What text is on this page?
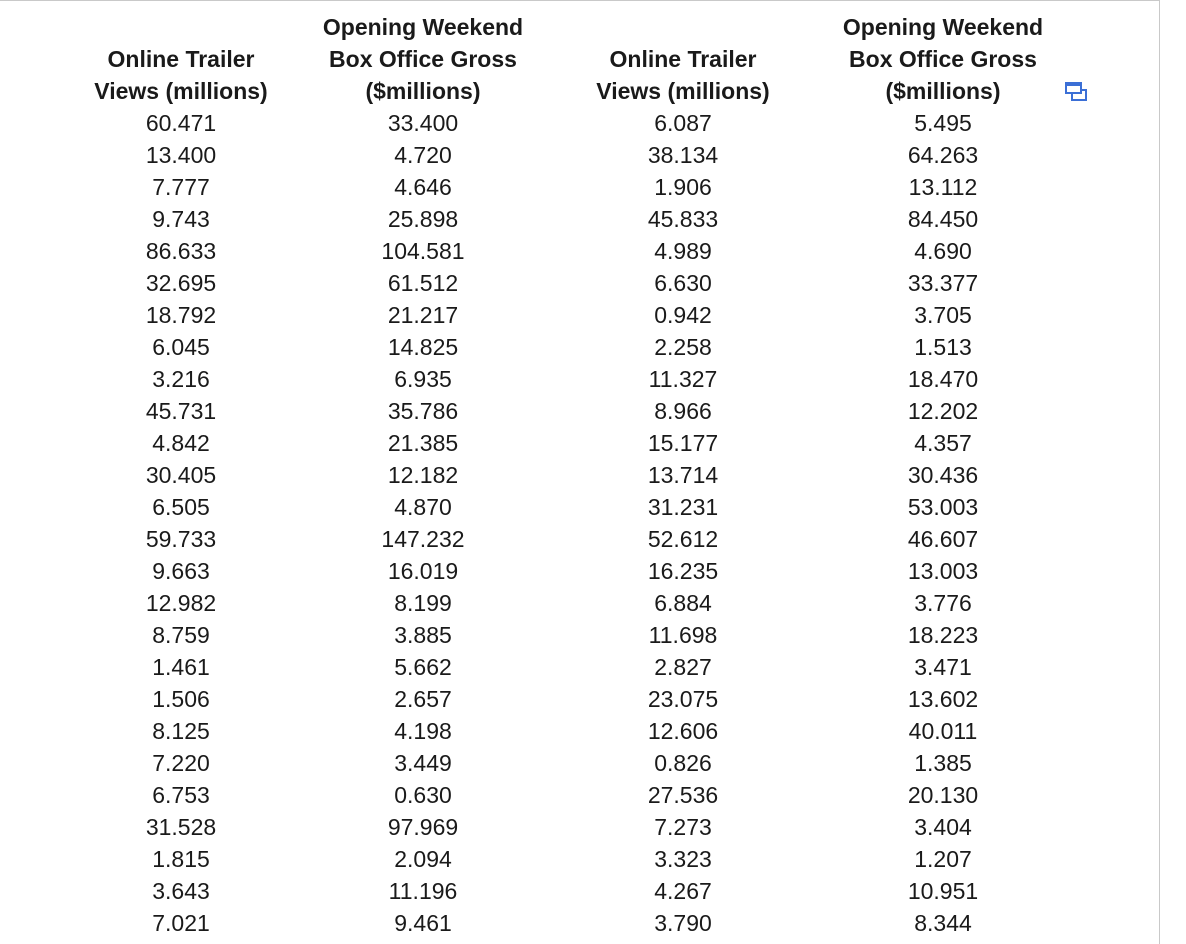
Online Trailer
Views (millions)	Opening Weekend
Box Office Gross
($millions)	Online Trailer
Views (millions)	Opening Weekend
Box Office Gross
($millions)

60.471	33.400	6.087	5.495
13.400	4.720	38.134	64.263
7.777	4.646	1.906	13.112
9.743	25.898	45.833	84.450
86.633	104.581	4.989	4.690
32.695	61.512	6.630	33.377
18.792	21.217	0.942	3.705
6.045	14.825	2.258	1.513
3.216	6.935	11.327	18.470
45.731	35.786	8.966	12.202
4.842	21.385	15.177	4.357
30.405	12.182	13.714	30.436
6.505	4.870	31.231	53.003
59.733	147.232	52.612	46.607
9.663	16.019	16.235	13.003
12.982	8.199	6.884	3.776
8.759	3.885	11.698	18.223
1.461	5.662	2.827	3.471
1.506	2.657	23.075	13.602
8.125	4.198	12.606	40.011
7.220	3.449	0.826	1.385
6.753	0.630	27.536	20.130
31.528	97.969	7.273	3.404
1.815	2.094	3.323	1.207
3.643	11.196	4.267	10.951
7.021	9.461	3.790	8.344
